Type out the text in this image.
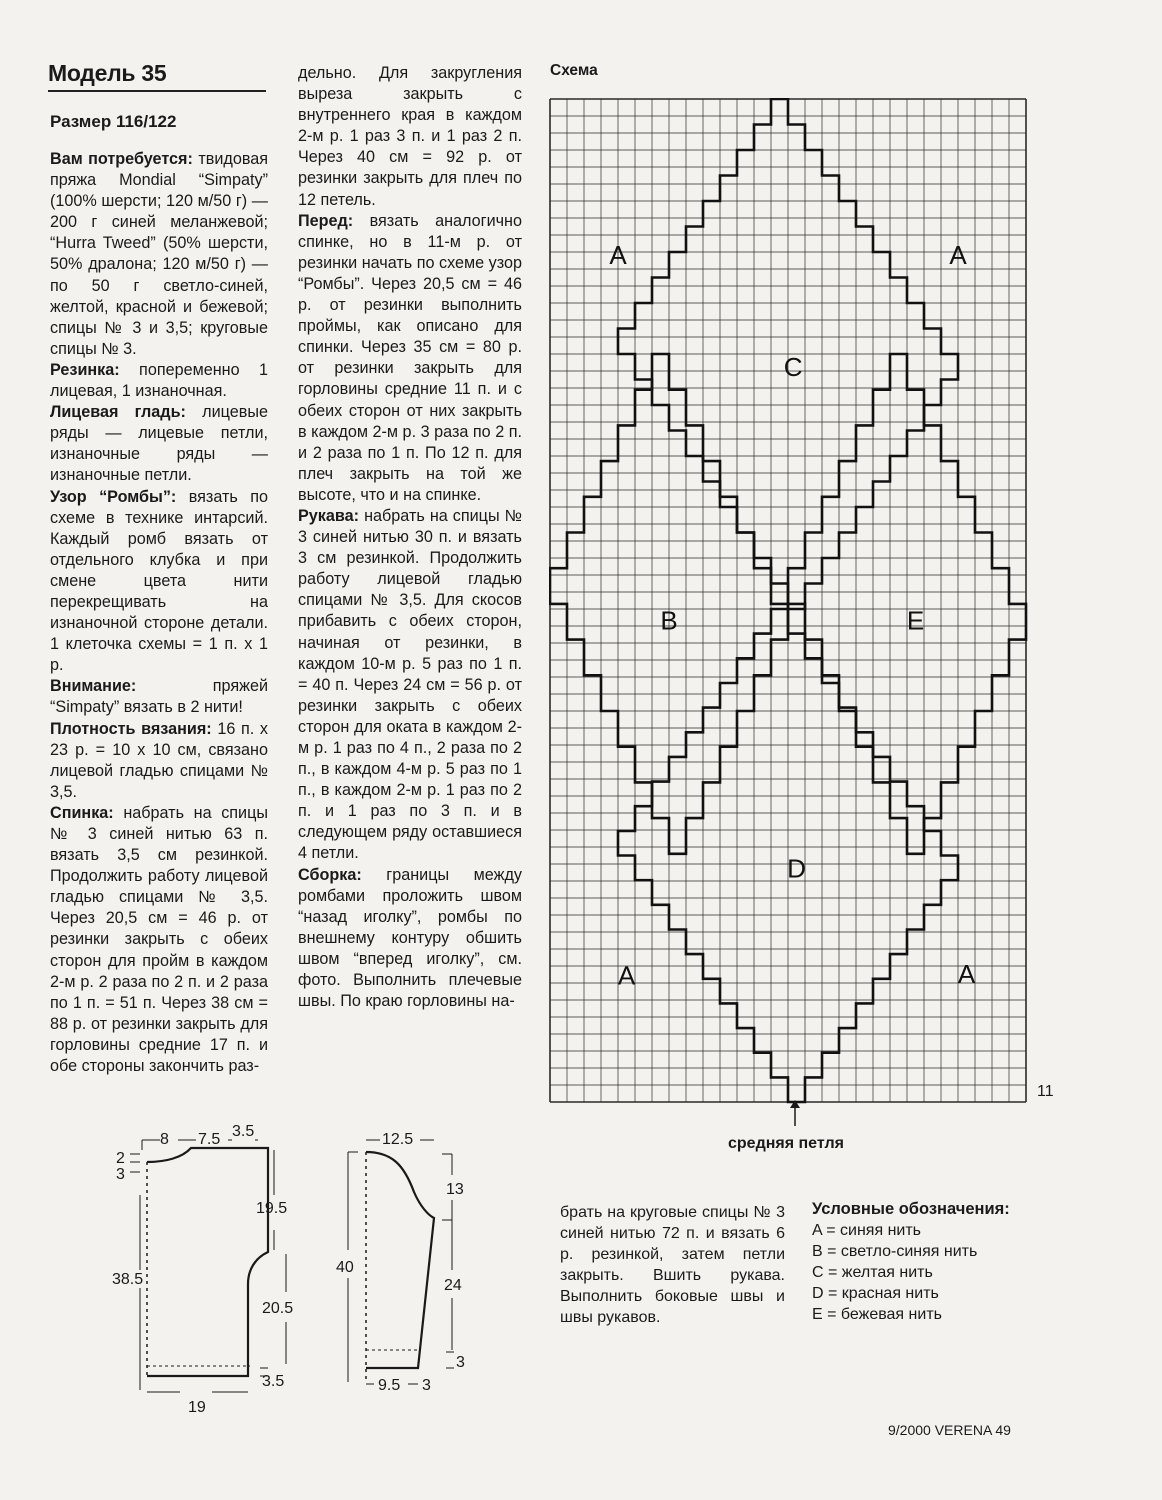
Модель 35
Размер 116/122

Вам потребуется: твидовая пряжа Mondial “Simpaty” (100% шерсти; 120 м/50 г) — 200 г синей меланжевой; “Hurra Tweed” (50% шерсти, 50% дралона; 120 м/50 г) — по 50 г светло-синей, желтой, красной и бежевой; спицы № 3 и 3,5; круговые спицы № 3.

Резинка: попеременно 1 лицевая, 1 изнаночная.

Лицевая гладь: лицевые ряды — лицевые петли, изнаночные ряды — изнаночные петли.

Узор “Ромбы”: вязать по схеме в технике интарсий. Каждый ромб вязать от отдельного клубка и при смене цвета нити перекрещивать на изнаночной стороне детали. 1 клеточка схемы = 1 п. х 1 р.

Внимание: пряжей “Simpaty” вязать в 2 нити!

Плотность вязания: 16 п. х 23 р. = 10 х 10 см, связано лицевой гладью спицами № 3,5.

Спинка: набрать на спицы № 3 синей нитью 63 п. вязать 3,5 см резинкой. Продолжить работу лицевой гладью спицами № 3,5. Через 20,5 см = 46 р. от резинки закрыть с обеих сторон для пройм в каждом 2-м р. 2 раза по 2 п. и 2 раза по 1 п. = 51 п. Через 38 см = 88 р. от резинки закрыть для горловины средние 17 п. и обе стороны закончить раз-

дельно. Для закругления выреза закрыть с внутреннего края в каждом 2-м р. 1 раз 3 п. и 1 раз 2 п. Через 40 см = 92 р. от резинки закрыть для плеч по 12 петель.

Перед: вязать аналогично спинке, но в 11-м р. от резинки начать по схеме узор “Ромбы”. Через 20,5 см = 46 р. от резинки выполнить проймы, как описано для спинки. Через 35 см = 80 р. от резинки закрыть для горловины средние 11 п. и с обеих сторон от них закрыть в каждом 2-м р. 3 раза по 2 п. и 2 раза по 1 п. По 12 п. для плеч закрыть на той же высоте, что и на спинке.

Рукава: набрать на спицы № 3 синей нитью 30 п. и вязать 3 см резинкой. Продолжить работу лицевой гладью спицами № 3,5. Для скосов прибавить с обеих сторон, начиная от резинки, в каждом 10-м р. 5 раз по 1 п. = 40 п. Через 24 см = 56 р. от резинки закрыть с обеих сторон для оката в каждом 2-м р. 1 раз по 4 п., 2 раза по 2 п., в каждом 4-м р. 5 раз по 1 п., в каждом 2-м р. 1 раз по 2 п. и 1 раз по 3 п. и в следующем ряду оставшиеся 4 петли.

Сборка: границы между ромбами проложить швом “назад иголку”, ромбы по внешнему контуру обшить швом “вперед иголку”, см. фото. Выполнить плечевые швы. По краю горловины на-

Схема
A	A
C
B	E
D
A	A
11
средняя петля
8 7.5 3.5
2
3
19.5
38.5
20.5
3.5
19
12.5
13
40
24
3
9.5 3
брать на круговые спицы № 3 синей нитью 72 п. и вязать 6 р. резинкой, затем петли закрыть. Вшить рукава. Выполнить боковые швы и швы рукавов.
Условные обозначения:
A = синяя нить
B = светло-синяя нить
C = желтая нить
D = красная нить
E = бежевая нить
9/2000 VERENA 49
